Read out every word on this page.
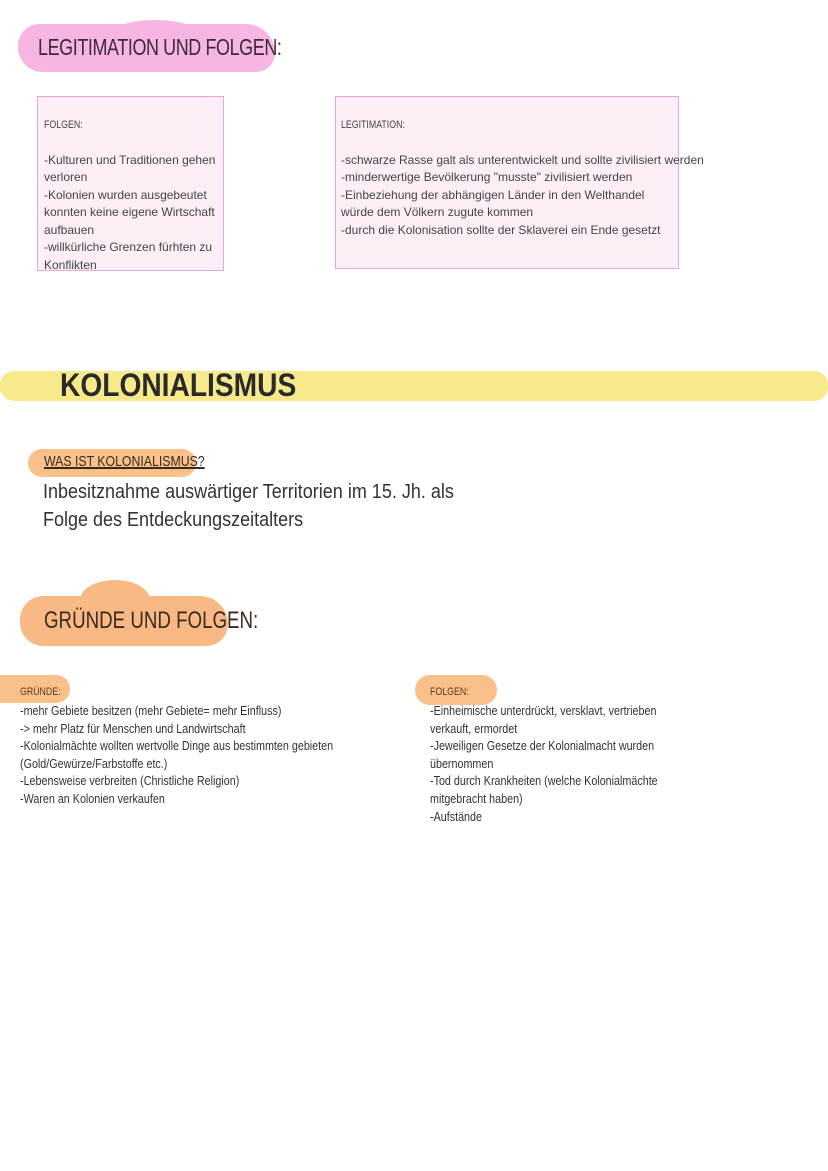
LEGITIMATION UND FOLGEN:
FOLGEN:
-Kulturen und Traditionen gehen
verloren
-Kolonien wurden ausgebeutet
konnten keine eigene Wirtschaft
aufbauen
-willkürliche Grenzen fürhten zu
Konflikten
LEGITIMATION:
-schwarze Rasse galt als unterentwickelt und sollte zivilisiert werden
-minderwertige Bevölkerung "musste" zivilisiert werden
-Einbeziehung der abhängigen Länder in den Welthandel
würde dem Völkern zugute kommen
-durch die Kolonisation sollte der Sklaverei ein Ende gesetzt
KOLONIALISMUS
WAS IST KOLONIALISMUS?
Inbesitznahme auswärtiger Territorien im 15. Jh. als
Folge des Entdeckungszeitalters
GRÜNDE UND FOLGEN:
GRÜNDE:
-mehr Gebiete besitzen (mehr Gebiete= mehr Einfluss)
-> mehr Platz für Menschen und Landwirtschaft
-Kolonialmächte wollten wertvolle Dinge aus bestimmten gebieten
(Gold/Gewürze/Farbstoffe etc.)
-Lebensweise verbreiten (Christliche Religion)
-Waren an Kolonien verkaufen
FOLGEN:
-Einheimische unterdrückt, versklavt, vertrieben
verkauft, ermordet
-Jeweiligen Gesetze der Kolonialmacht wurden
übernommen
-Tod durch Krankheiten (welche Kolonialmächte
mitgebracht haben)
-Aufstände
